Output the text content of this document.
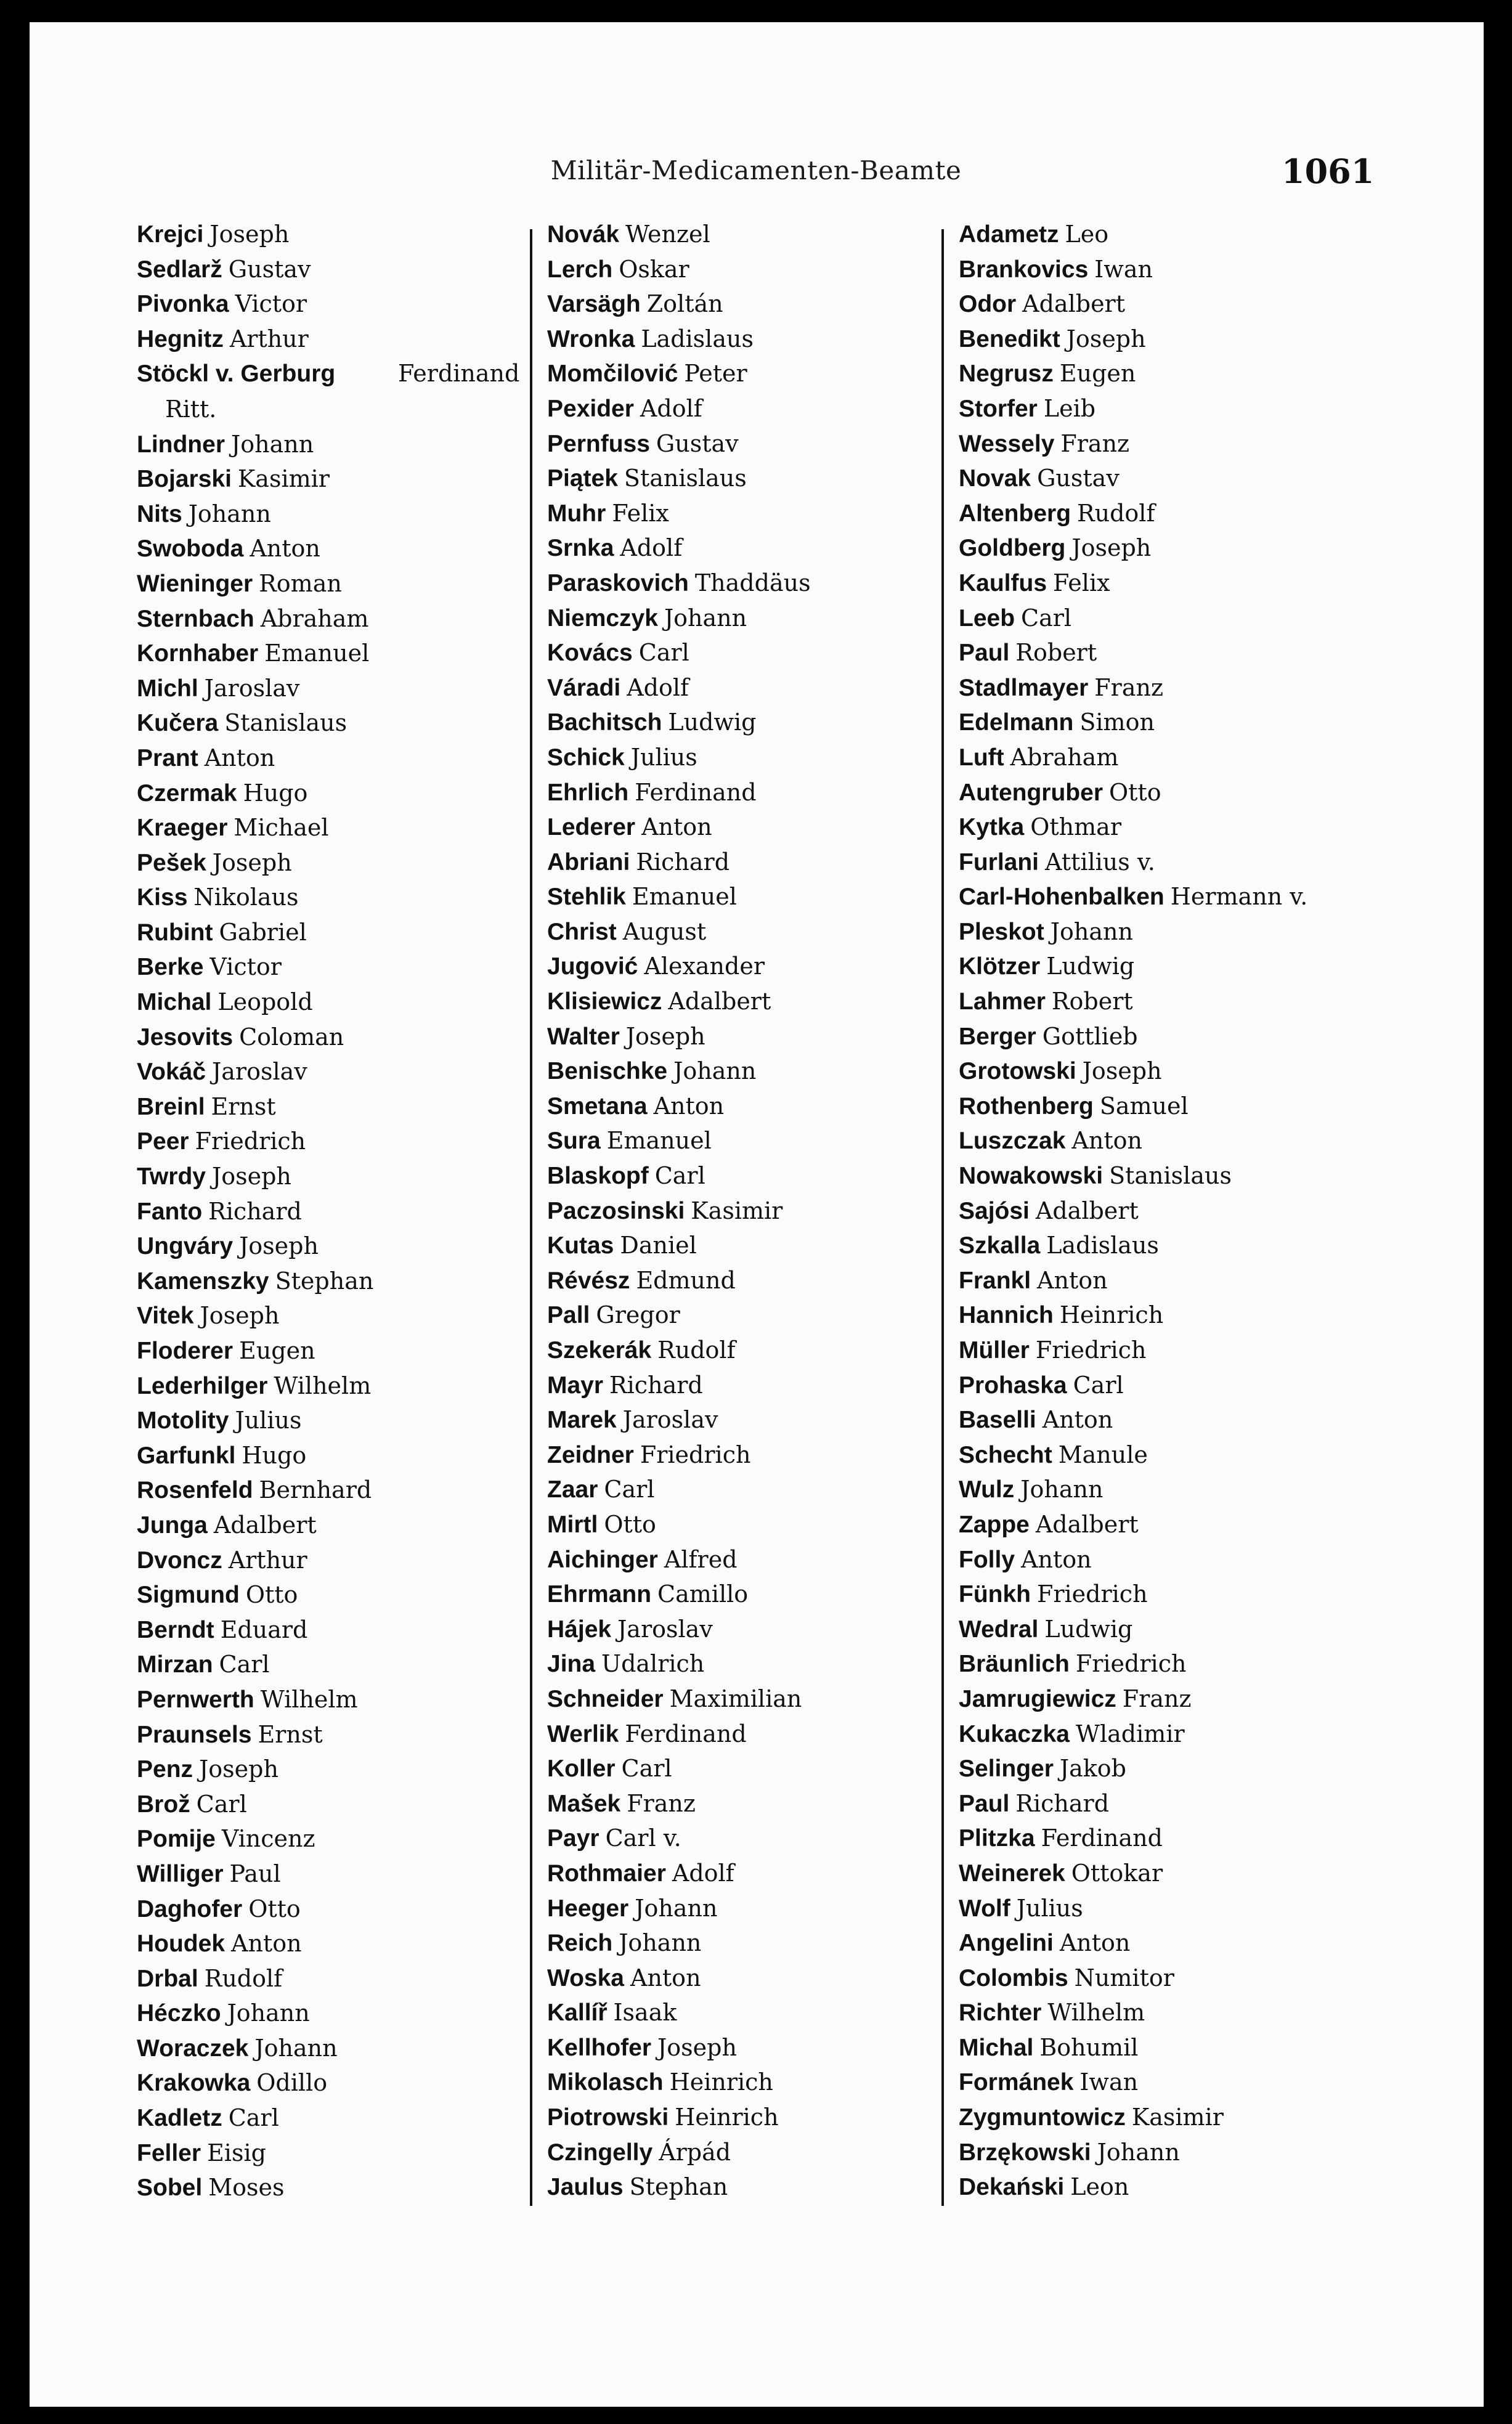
Militär-Medicamenten-Beamte	1061
Krejci Joseph
Sedlarž Gustav
Pivonka Victor
Hegnitz Arthur
Stöckl v. Gerburg	Ferdinand
Ritt.
Lindner Johann
Bojarski Kasimir
Nits Johann
Swoboda Anton
Wieninger Roman
Sternbach Abraham
Kornhaber Emanuel
Michl Jaroslav
Kučera Stanislaus
Prant Anton
Czermak Hugo
Kraeger Michael
Pešek Joseph
Kiss Nikolaus
Rubint Gabriel
Berke Victor
Michal Leopold
Jesovits Coloman
Vokáč Jaroslav
Breinl Ernst
Peer Friedrich
Twrdy Joseph
Fanto Richard
Ungváry Joseph
Kamenszky Stephan
Vitek Joseph
Floderer Eugen
Lederhilger Wilhelm
Motolity Julius
Garfunkl Hugo
Rosenfeld Bernhard
Junga Adalbert
Dvoncz Arthur
Sigmund Otto
Berndt Eduard
Mirzan Carl
Pernwerth Wilhelm
Praunsels Ernst
Penz Joseph
Brož Carl
Pomije Vincenz
Williger Paul
Daghofer Otto
Houdek Anton
Drbal Rudolf
Héczko Johann
Woraczek Johann
Krakowka Odillo
Kadletz Carl
Feller Eisig
Sobel Moses
Novák Wenzel
Lerch Oskar
Varsägh Zoltán
Wronka Ladislaus
Momčilović Peter
Pexider Adolf
Pernfuss Gustav
Piątek Stanislaus
Muhr Felix
Srnka Adolf
Paraskovich Thaddäus
Niemczyk Johann
Kovács Carl
Váradi Adolf
Bachitsch Ludwig
Schick Julius
Ehrlich Ferdinand
Lederer Anton
Abriani Richard
Stehlik Emanuel
Christ August
Jugović Alexander
Klisiewicz Adalbert
Walter Joseph
Benischke Johann
Smetana Anton
Sura Emanuel
Blaskopf Carl
Paczosinski Kasimir
Kutas Daniel
Révész Edmund
Pall Gregor
Szekerák Rudolf
Mayr Richard
Marek Jaroslav
Zeidner Friedrich
Zaar Carl
Mirtl Otto
Aichinger Alfred
Ehrmann Camillo
Hájek Jaroslav
Jina Udalrich
Schneider Maximilian
Werlik Ferdinand
Koller Carl
Mašek Franz
Payr Carl v.
Rothmaier Adolf
Heeger Johann
Reich Johann
Woska Anton
Kallíř Isaak
Kellhofer Joseph
Mikolasch Heinrich
Piotrowski Heinrich
Czingelly Árpád
Jaulus Stephan
Adametz Leo
Brankovics Iwan
Odor Adalbert
Benedikt Joseph
Negrusz Eugen
Storfer Leib
Wessely Franz
Novak Gustav
Altenberg Rudolf
Goldberg Joseph
Kaulfus Felix
Leeb Carl
Paul Robert
Stadlmayer Franz
Edelmann Simon
Luft Abraham
Autengruber Otto
Kytka Othmar
Furlani Attilius v.
Carl-Hohenbalken Hermann v.
Pleskot Johann
Klötzer Ludwig
Lahmer Robert
Berger Gottlieb
Grotowski Joseph
Rothenberg Samuel
Luszczak Anton
Nowakowski Stanislaus
Sajósi Adalbert
Szkalla Ladislaus
Frankl Anton
Hannich Heinrich
Müller Friedrich
Prohaska Carl
Baselli Anton
Schecht Manule
Wulz Johann
Zappe Adalbert
Folly Anton
Fünkh Friedrich
Wedral Ludwig
Bräunlich Friedrich
Jamrugiewicz Franz
Kukaczka Wladimir
Selinger Jakob
Paul Richard
Plitzka Ferdinand
Weinerek Ottokar
Wolf Julius
Angelini Anton
Colombis Numitor
Richter Wilhelm
Michal Bohumil
Formánek Iwan
Zygmuntowicz Kasimir
Brzękowski Johann
Dekański Leon
